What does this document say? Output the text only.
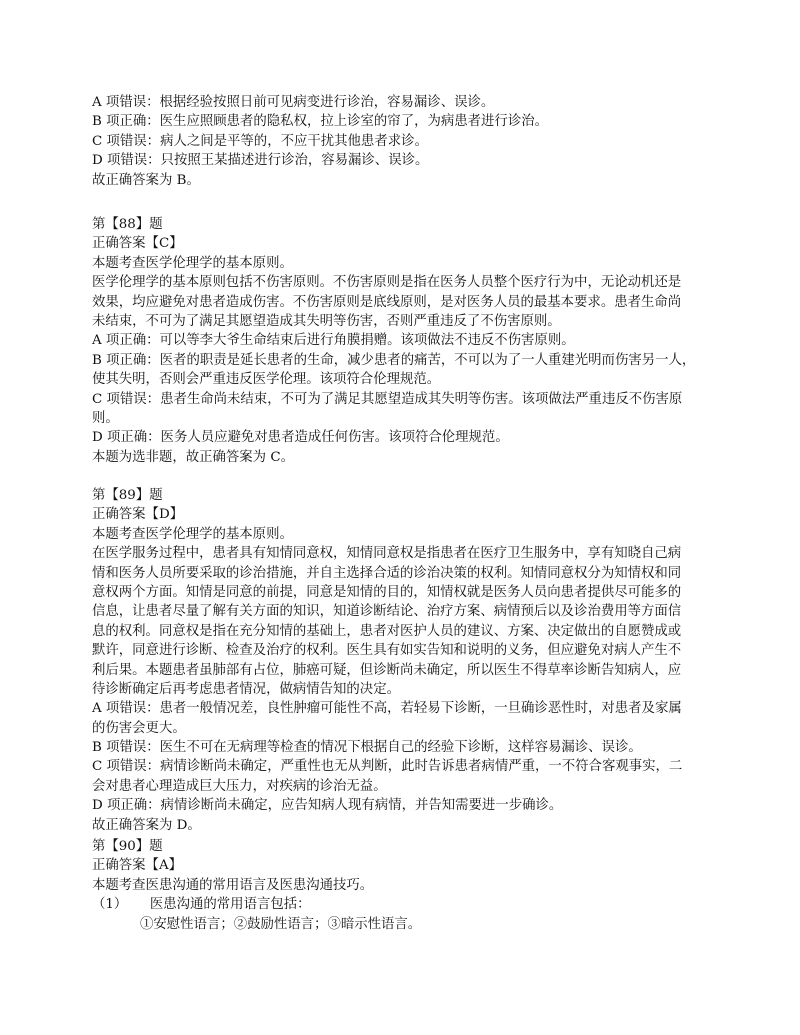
A 项错误：根据经验按照日前可见病变进行诊治，容易漏诊、误诊。
B 项正确：医生应照顾患者的隐私权，拉上诊室的帘了，为病患者进行诊治。
C 项错误：病人之间是平等的，不应干扰其他患者求诊。
D 项错误：只按照王某描述进行诊治，容易漏诊、误诊。
故正确答案为 B。
第【88】题
正确答案【C】
本题考查医学伦理学的基本原则。
医学伦理学的基本原则包括不伤害原则。不伤害原则是指在医务人员整个医疗行为中，无论动机还是
效果，均应避免对患者造成伤害。不伤害原则是底线原则，是对医务人员的最基本要求。患者生命尚
未结束，不可为了满足其愿望造成其失明等伤害，否则严重违反了不伤害原则。
A 项正确：可以等李大爷生命结束后进行角膜捐赠。该项做法不违反不伤害原则。
B 项正确：医者的职责是延长患者的生命，减少患者的痛苦，不可以为了一人重建光明而伤害另一人，
使其失明，否则会严重违反医学伦理。该项符合伦理规范。
C 项错误：患者生命尚未结束，不可为了满足其愿望造成其失明等伤害。该项做法严重违反不伤害原
则。
D 项正确：医务人员应避免对患者造成任何伤害。该项符合伦理规范。
本题为选非题，故正确答案为 C。
第【89】题
正确答案【D】
本题考查医学伦理学的基本原则。
在医学服务过程中，患者具有知情同意权，知情同意权是指患者在医疗卫生服务中，享有知晓自己病
情和医务人员所要采取的诊治措施，并自主选择合适的诊治决策的权利。知情同意权分为知情权和同
意权两个方面。知情是同意的前提，同意是知情的目的，知情权就是医务人员向患者提供尽可能多的
信息，让患者尽量了解有关方面的知识，知道诊断结论、治疗方案、病情预后以及诊治费用等方面信
息的权利。同意权是指在充分知情的基础上，患者对医护人员的建议、方案、决定做出的自愿赞成或
默许，同意进行诊断、检查及治疗的权利。医生具有如实告知和说明的义务，但应避免对病人产生不
利后果。本题患者虽肺部有占位，肺癌可疑，但诊断尚未确定，所以医生不得草率诊断告知病人，应
待诊断确定后再考虑患者情况，做病情告知的决定。
A 项错误：患者一般情况差，良性肿瘤可能性不高，若轻易下诊断，一旦确诊恶性时，对患者及家属
的伤害会更大。
B 项错误：医生不可在无病理等检查的情况下根据自己的经验下诊断，这样容易漏诊、误诊。
C 项错误：病情诊断尚未确定，严重性也无从判断，此时告诉患者病情严重，一不符合客观事实，二
会对患者心理造成巨大压力，对疾病的诊治无益。
D 项正确：病情诊断尚未确定，应告知病人现有病情，并告知需要进一步确诊。
故正确答案为 D。
第【90】题
正确答案【A】
本题考查医患沟通的常用语言及医患沟通技巧。
（1） 医患沟通的常用语言包括：
①安慰性语言；②鼓励性语言；③暗示性语言。
